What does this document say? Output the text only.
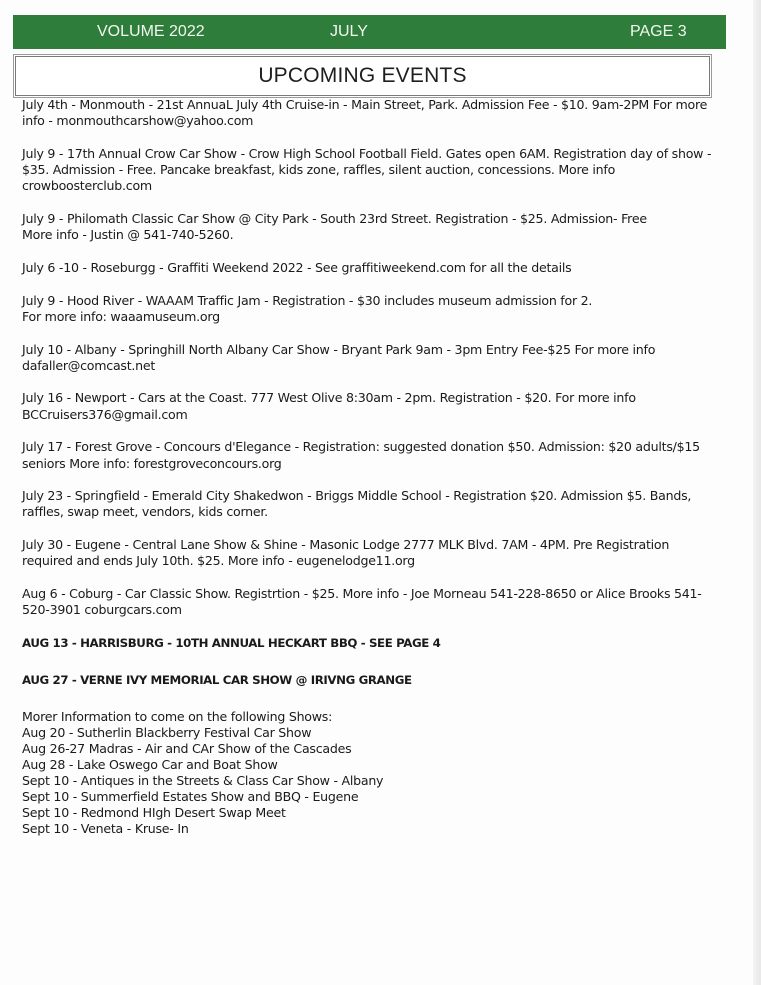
VOLUME 2022	JULY	PAGE 3
UPCOMING EVENTS
July 4th - Monmouth - 21st AnnuaL July 4th Cruise-in - Main Street, Park. Admission Fee - $10. 9am-2PM For more info - monmouthcarshow@yahoo.com
July 9 - 17th Annual Crow Car Show - Crow High School Football Field. Gates open 6AM. Registration day of show - $35. Admission - Free. Pancake breakfast, kids zone, raffles, silent auction, concessions. More info crowboosterclub.com
July 9 - Philomath Classic Car Show @ City Park - South 23rd Street. Registration - $25. Admission- Free
More info - Justin @ 541-740-5260.
July 6 -10 - Roseburgg - Graffiti Weekend 2022 - See graffitiweekend.com for all the details
July 9 - Hood River - WAAAM Traffic Jam - Registration - $30 includes museum admission for 2.
For more info: waaamuseum.org
July 10 - Albany - Springhill North Albany Car Show - Bryant Park 9am - 3pm Entry Fee-$25 For more info dafaller@comcast.net
July 16 - Newport - Cars at the Coast. 777 West Olive 8:30am - 2pm. Registration - $20. For more info BCCruisers376@gmail.com
July 17 - Forest Grove - Concours d'Elegance - Registration: suggested donation $50. Admission: $20 adults/$15 seniors More info: forestgroveconcours.org
July 23 - Springfield - Emerald City Shakedwon - Briggs Middle School - Registration $20. Admission $5. Bands, raffles, swap meet, vendors, kids corner.
July 30 - Eugene - Central Lane Show & Shine - Masonic Lodge 2777 MLK Blvd. 7AM - 4PM. Pre Registration required and ends July 10th. $25. More info - eugenelodge11.org
Aug 6 - Coburg - Car Classic Show. Registrtion - $25. More info - Joe Morneau 541-228-8650 or Alice Brooks 541-520-3901 coburgcars.com
AUG 13 - HARRISBURG - 10TH ANNUAL HECKART BBQ - SEE PAGE 4
AUG 27 - VERNE IVY MEMORIAL CAR SHOW @ IRIVNG GRANGE
Morer Information to come on the following Shows:
Aug 20 - Sutherlin Blackberry Festival Car Show
Aug 26-27 Madras - Air and CAr Show of the Cascades
Aug 28 - Lake Oswego Car and Boat Show
Sept 10 - Antiques in the Streets & Class Car Show - Albany
Sept 10 - Summerfield Estates Show and BBQ - Eugene
Sept 10 - Redmond HIgh Desert Swap Meet
Sept 10 - Veneta - Kruse- In
